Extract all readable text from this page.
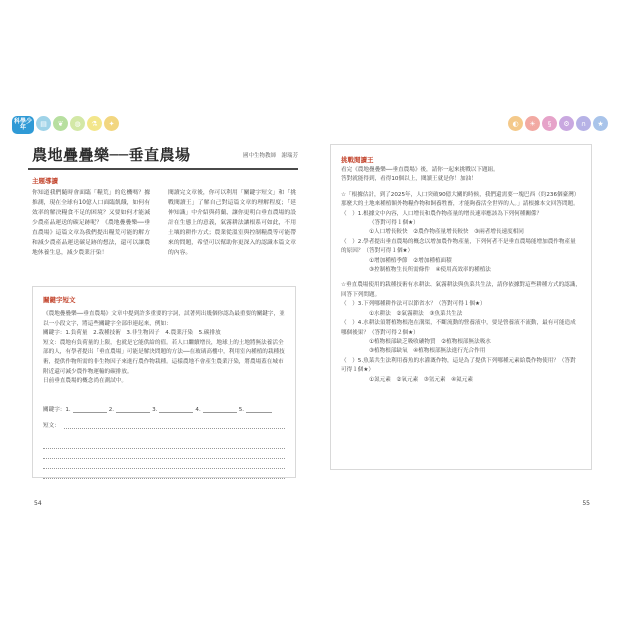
科學少年	▤	❦	◍	⚗	✦	◐	☀	§	⚙	∩	★
農地疊疊樂──垂直農場	國中生物教師　謝瑞芳
主題導讀
你知道我們隨時會面臨「糧荒」的危機嗎？據推測，現在全球有10億人口面臨飢餓，如何有效率的解決糧食不足的困境？又要如何才能減少農產品運送的碳足跡呢？《農地疊疊樂──垂直農場》這篇文章為我們提出糧荒可能的解方和減少農產品運送碳足跡的想法，還可以讓農地休養生息，減少農業汙染！
閱讀完文章後，你可以利用「關鍵字短文」和「挑戰閱讀王」了解自己對這篇文章的理解程度；「延伸知識」中介紹與荷蘭、讓你更明白垂直農場的設計在生態上的意義，氣霧耕法讓根系可如此，不用土壤的耕作方式；農業從溫室與控制糧農等可能帶來的問題，希望可以幫助你更深入的認識本篇文章的內容。
關鍵字短文
《農地疊疊樂──垂直農場》文章中提到許多重要的字詞，試著列出幾個你認為最重要的關鍵字，並以一小段文字，將這些關鍵字全部串連起來，例如：
關鍵字：1.負荷量　2.栽種技術　3.非生物因子　4.農業汙染　5.碳排放
短文：農地有負荷量的上限，也就是它能供給的值。若人口繼續增長，地球上的土地將無法養活全部的人，有學者提出「垂直農場」可能是解決問題的方法──在玻璃高樓中，利用室內種植的栽種技術，提供作物所需的非生物因子來進行農作物栽種。這樣農地不會產生農業汙染，將農場蓋在城市附近還可減少農作物運輸的碳排放。
日前垂直農場的概念尚在測試中。
關鍵字：1.	2.	3.	4.	5.
短文：
挑戰閱讀王
看完《農地疊疊樂──垂直農場》後，請你一起來挑戰以下題組。
答對就能得到，看得10個以上，閱讀王就是你！加油！
☆「根據估計，到了2025年，人口突破90億大關的時候，我們還需要一塊巴西（約236個臺灣）那麼大的土地來種植額外物糧作物和飼養牲畜，才能夠養活全世界的人。」請根據本文回答問題。
（　）1.根據文中內容，人口增長和農作物產量的增長速率應該為下列何種關係？
（答對可得１個★）
①人口增長較快　②農作物產量增長較快　③兩者增長速度相同
（　）2.學者提出垂直農場的概念以增加農作物產量，下列何者不是垂直農場能增加農作物產量的原因？（答對可得１個★）
①增加種植季節　②增加種植面積
③控制植物生長所需條件　④使用高效率的種植法
☆垂直農場使用的栽種技術有水耕法、氣霧耕法與魚菜共生法，請你依據對這些耕種方式的認識，回答下列問題。
（　）3.下列哪種耕作法可以節省水？（答對可得１個★）
①水耕法　②氣霧耕法　③魚菜共生法
（　）4.水耕法須將植物根泡在溝渠，不斷流動的營養液中，要是營養液不流動，最有可能造成哪個後果？（答對可得２個★）
①植物根部缺乏吸收礦物質　②植物根部無法吸水
③植物根部缺氧　④植物根部無法進行光合作用
（　）5.魚菜共生法利用養魚的水灌溉作物，這是為了提供下列哪種元素給農作物使用？（答對可得１個★）
①氮元素　②氧元素　③氫元素　④氦元素
54	55
